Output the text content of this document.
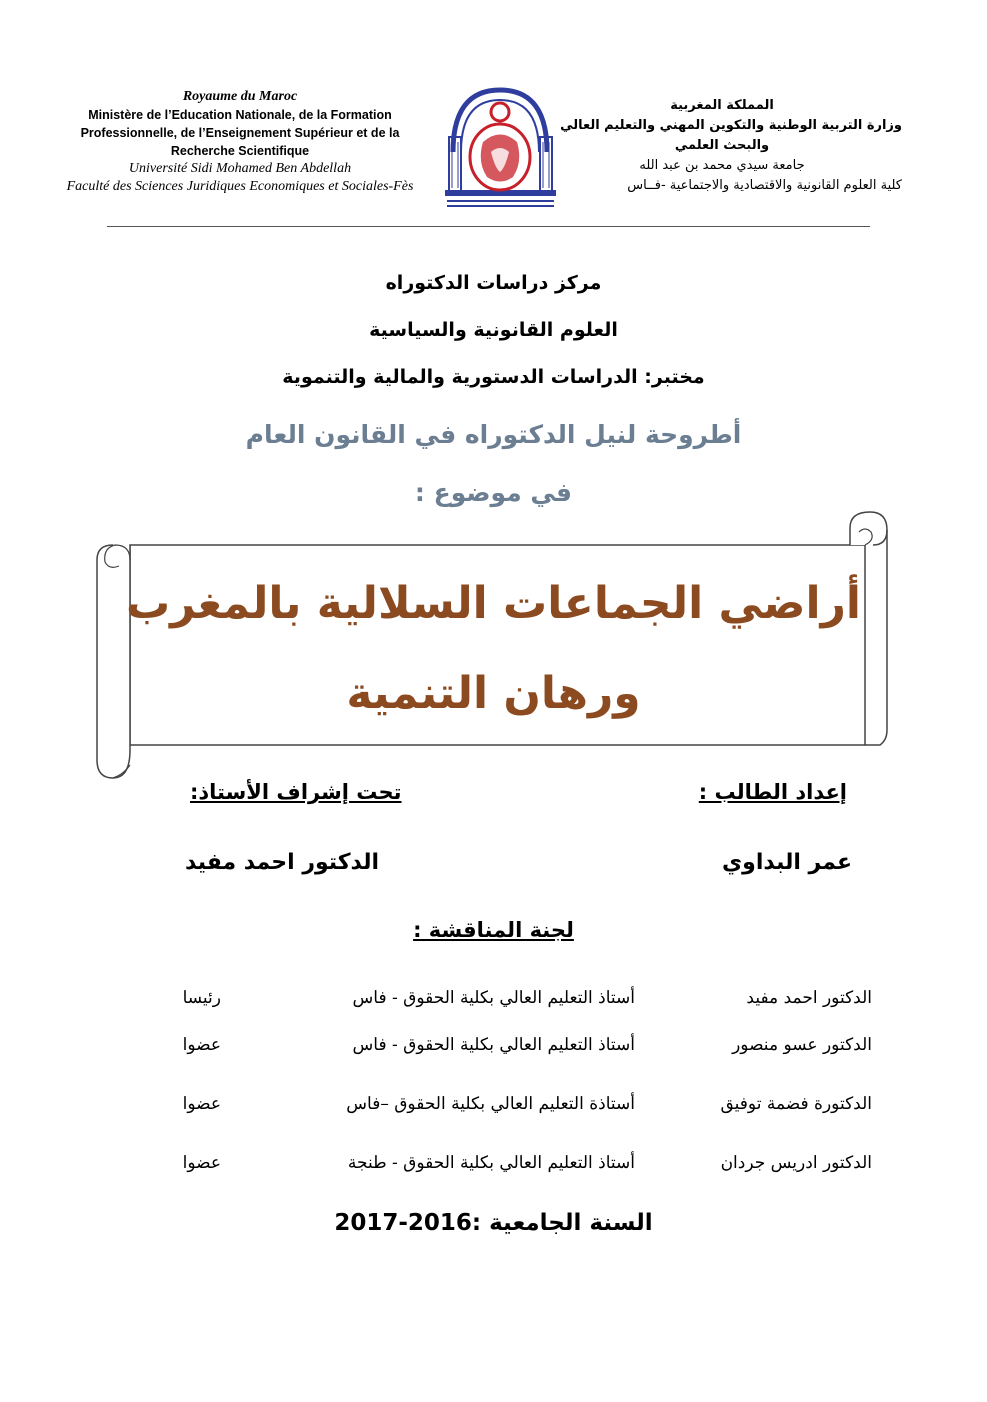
Royaume du Maroc
Ministère de l’Education Nationale, de la Formation
Professionnelle, de l’Enseignement Supérieur et de la
Recherche Scientifique
Université Sidi Mohamed Ben Abdellah
Faculté des Sciences Juridiques Economiques et Sociales-Fès
المملكة المغربية
وزارة التربية الوطنية والتكوين المهني والتعليم العالي
والبحث العلمي
جامعة سيدي محمد بن عبد الله
كلية العلوم القانونية والاقتصادية والاجتماعية -فــاس
مركز دراسات الدكتوراه
العلوم القانونية والسياسية
مختبر: الدراسات الدستورية والمالية والتنموية
أطروحة لنيل الدكتوراه في القانون العام
في موضوع :
أراضي الجماعات السلالية بالمغرب
ورهان التنمية
إعداد الطالب :
تحت إشراف الأستاذ:
عمر البداوي
الدكتور احمد مفيد
لجنة المناقشة :
الدكتور احمد مفيد
أستاذ التعليم العالي بكلية الحقوق - فاس
رئيسا
الدكتور عسو منصور
أستاذ التعليم العالي بكلية الحقوق - فاس
عضوا
الدكتورة فضمة توفيق
أستاذة التعليم العالي بكلية الحقوق –فاس
عضوا
الدكتور ادريس جردان
أستاذ التعليم العالي بكلية الحقوق - طنجة
عضوا
السنة الجامعية :2016-2017
